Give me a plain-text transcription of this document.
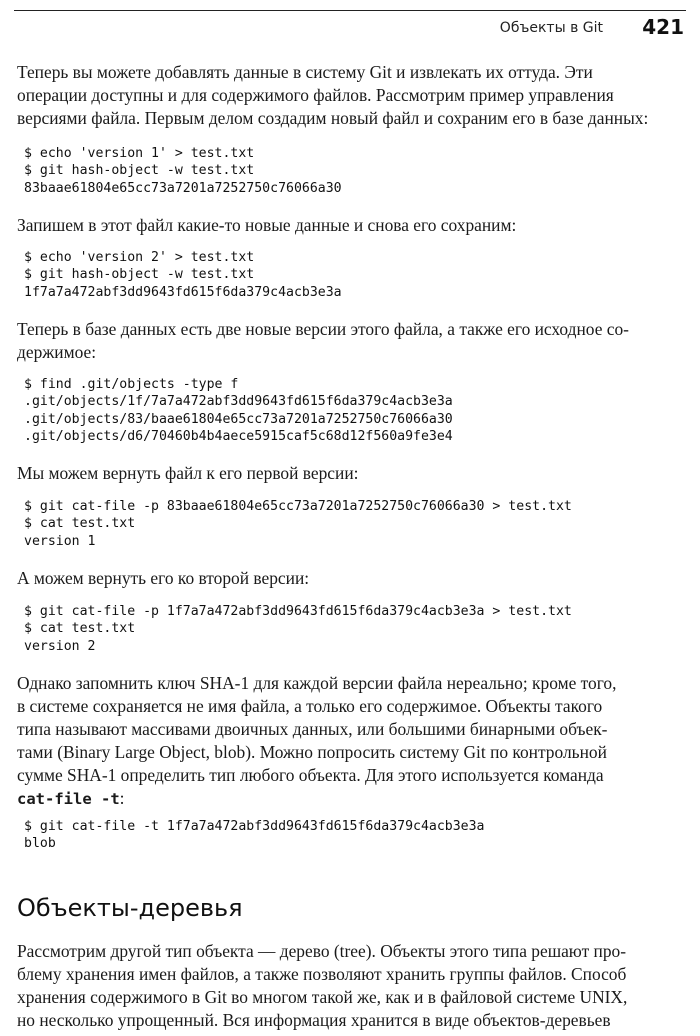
Объекты в Git 421

Теперь вы можете добавлять данные в систему Git и извлекать их оттуда. Эти
операции доступны и для содержимого файлов. Рассмотрим пример управления
версиями файла. Первым делом создадим новый файл и сохраним его в базе данных:

$ echo 'version 1' > test.txt
$ git hash-object -w test.txt
83baae61804e65cc73a7201a7252750c76066a30

Запишем в этот файл какие-то новые данные и снова его сохраним:

$ echo 'version 2' > test.txt
$ git hash-object -w test.txt
1f7a7a472abf3dd9643fd615f6da379c4acb3e3a

Теперь в базе данных есть две новые версии этого файла, а также его исходное со-
держимое:

$ find .git/objects -type f
.git/objects/1f/7a7a472abf3dd9643fd615f6da379c4acb3e3a
.git/objects/83/baae61804e65cc73a7201a7252750c76066a30
.git/objects/d6/70460b4b4aece5915caf5c68d12f560a9fe3e4

Мы можем вернуть файл к его первой версии:

$ git cat-file -p 83baae61804e65cc73a7201a7252750c76066a30 > test.txt
$ cat test.txt
version 1

А можем вернуть его ко второй версии:

$ git cat-file -p 1f7a7a472abf3dd9643fd615f6da379c4acb3e3a > test.txt
$ cat test.txt
version 2

Однако запомнить ключ SHA-1 для каждой версии файла нереально; кроме того,
в системе сохраняется не имя файла, а только его содержимое. Объекты такого
типа называют массивами двоичных данных, или большими бинарными объек-
тами (Binary Large Object, blob). Можно попросить систему Git по контрольной
сумме SHA-1 определить тип любого объекта. Для этого используется команда
cat-file -t:

$ git cat-file -t 1f7a7a472abf3dd9643fd615f6da379c4acb3e3a
blob
Объекты-деревья

Рассмотрим другой тип объекта — дерево (tree). Объекты этого типа решают про-
блему хранения имен файлов, а также позволяют хранить группы файлов. Способ
хранения содержимого в Git во многом такой же, как и в файловой системе UNIX,
но несколько упрощенный. Вся информация хранится в виде объектов-деревьев
